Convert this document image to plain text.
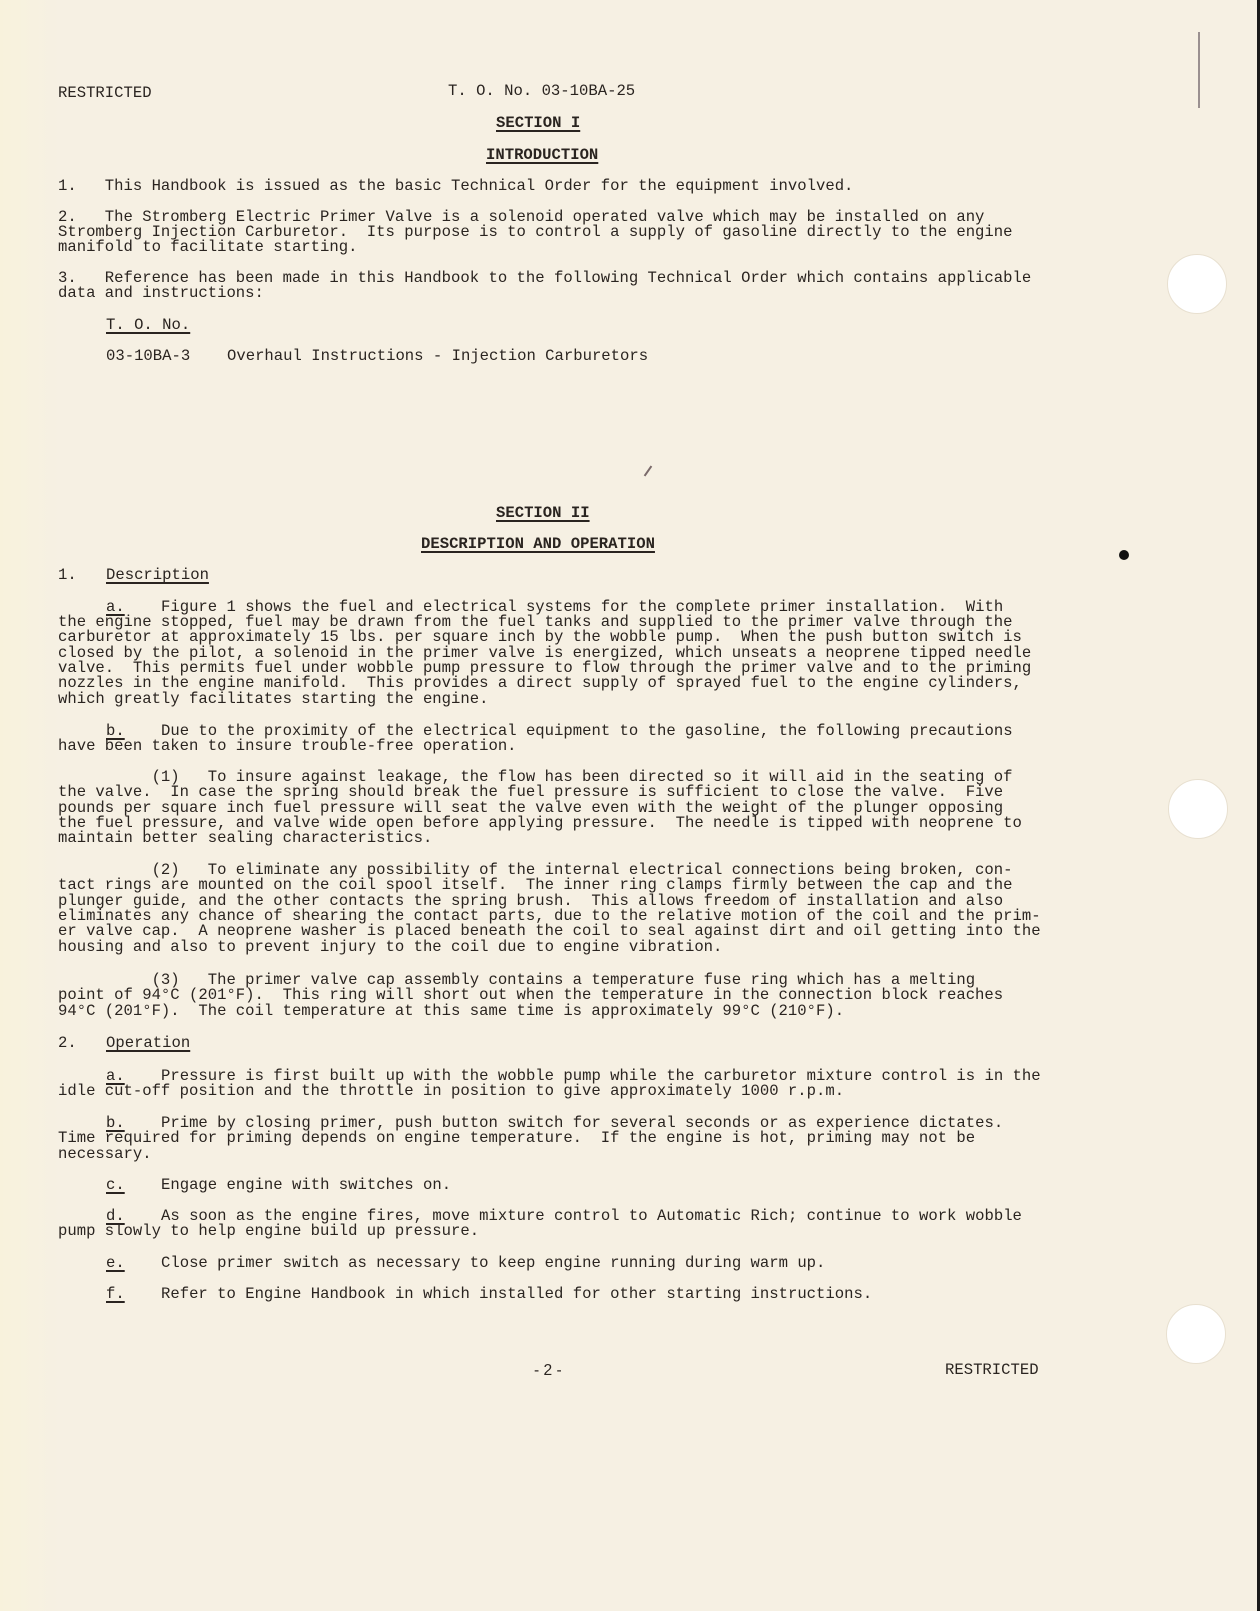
RESTRICTED	T. O. No. 03-10BA-25
SECTION I
INTRODUCTION
1.   This Handbook is issued as the basic Technical Order for the equipment involved.
2.   The Stromberg Electric Primer Valve is a solenoid operated valve which may be installed on any
Stromberg Injection Carburetor.  Its purpose is to control a supply of gasoline directly to the engine
manifold to facilitate starting.
3.   Reference has been made in this Handbook to the following Technical Order which contains applicable
data and instructions:
T. O. No.
03-10BA-3 Overhaul Instructions - Injection Carburetors
SECTION II
DESCRIPTION AND OPERATION
1. Description
a. Figure 1 shows the fuel and electrical systems for the complete primer installation.  With
the engine stopped, fuel may be drawn from the fuel tanks and supplied to the primer valve through the
carburetor at approximately 15 lbs. per square inch by the wobble pump.  When the push button switch is
closed by the pilot, a solenoid in the primer valve is energized, which unseats a neoprene tipped needle
valve.  This permits fuel under wobble pump pressure to flow through the primer valve and to the priming
nozzles in the engine manifold.  This provides a direct supply of sprayed fuel to the engine cylinders,
which greatly facilitates starting the engine.
b. Due to the proximity of the electrical equipment to the gasoline, the following precautions
have been taken to insure trouble-free operation.
(1)   To insure against leakage, the flow has been directed so it will aid in the seating of
the valve.  In case the spring should break the fuel pressure is sufficient to close the valve.  Five
pounds per square inch fuel pressure will seat the valve even with the weight of the plunger opposing
the fuel pressure, and valve wide open before applying pressure.  The needle is tipped with neoprene to
maintain better sealing characteristics.
(2)   To eliminate any possibility of the internal electrical connections being broken, con-
tact rings are mounted on the coil spool itself.  The inner ring clamps firmly between the cap and the
plunger guide, and the other contacts the spring brush.  This allows freedom of installation and also
eliminates any chance of shearing the contact parts, due to the relative motion of the coil and the prim-
er valve cap.  A neoprene washer is placed beneath the coil to seal against dirt and oil getting into the
housing and also to prevent injury to the coil due to engine vibration.
(3)   The primer valve cap assembly contains a temperature fuse ring which has a melting
point of 94°C (201°F).  This ring will short out when the temperature in the connection block reaches
94°C (201°F).  The coil temperature at this same time is approximately 99°C (210°F).
2. Operation
a. Pressure is first built up with the wobble pump while the carburetor mixture control is in the
idle cut-off position and the throttle in position to give approximately 1000 r.p.m.
b. Prime by closing primer, push button switch for several seconds or as experience dictates.
Time required for priming depends on engine temperature.  If the engine is hot, priming may not be
necessary.
c. Engage engine with switches on.
d. As soon as the engine fires, move mixture control to Automatic Rich; continue to work wobble
pump slowly to help engine build up pressure.
e. Close primer switch as necessary to keep engine running during warm up.
f. Refer to Engine Handbook in which installed for other starting instructions.
- 2 -	RESTRICTED
